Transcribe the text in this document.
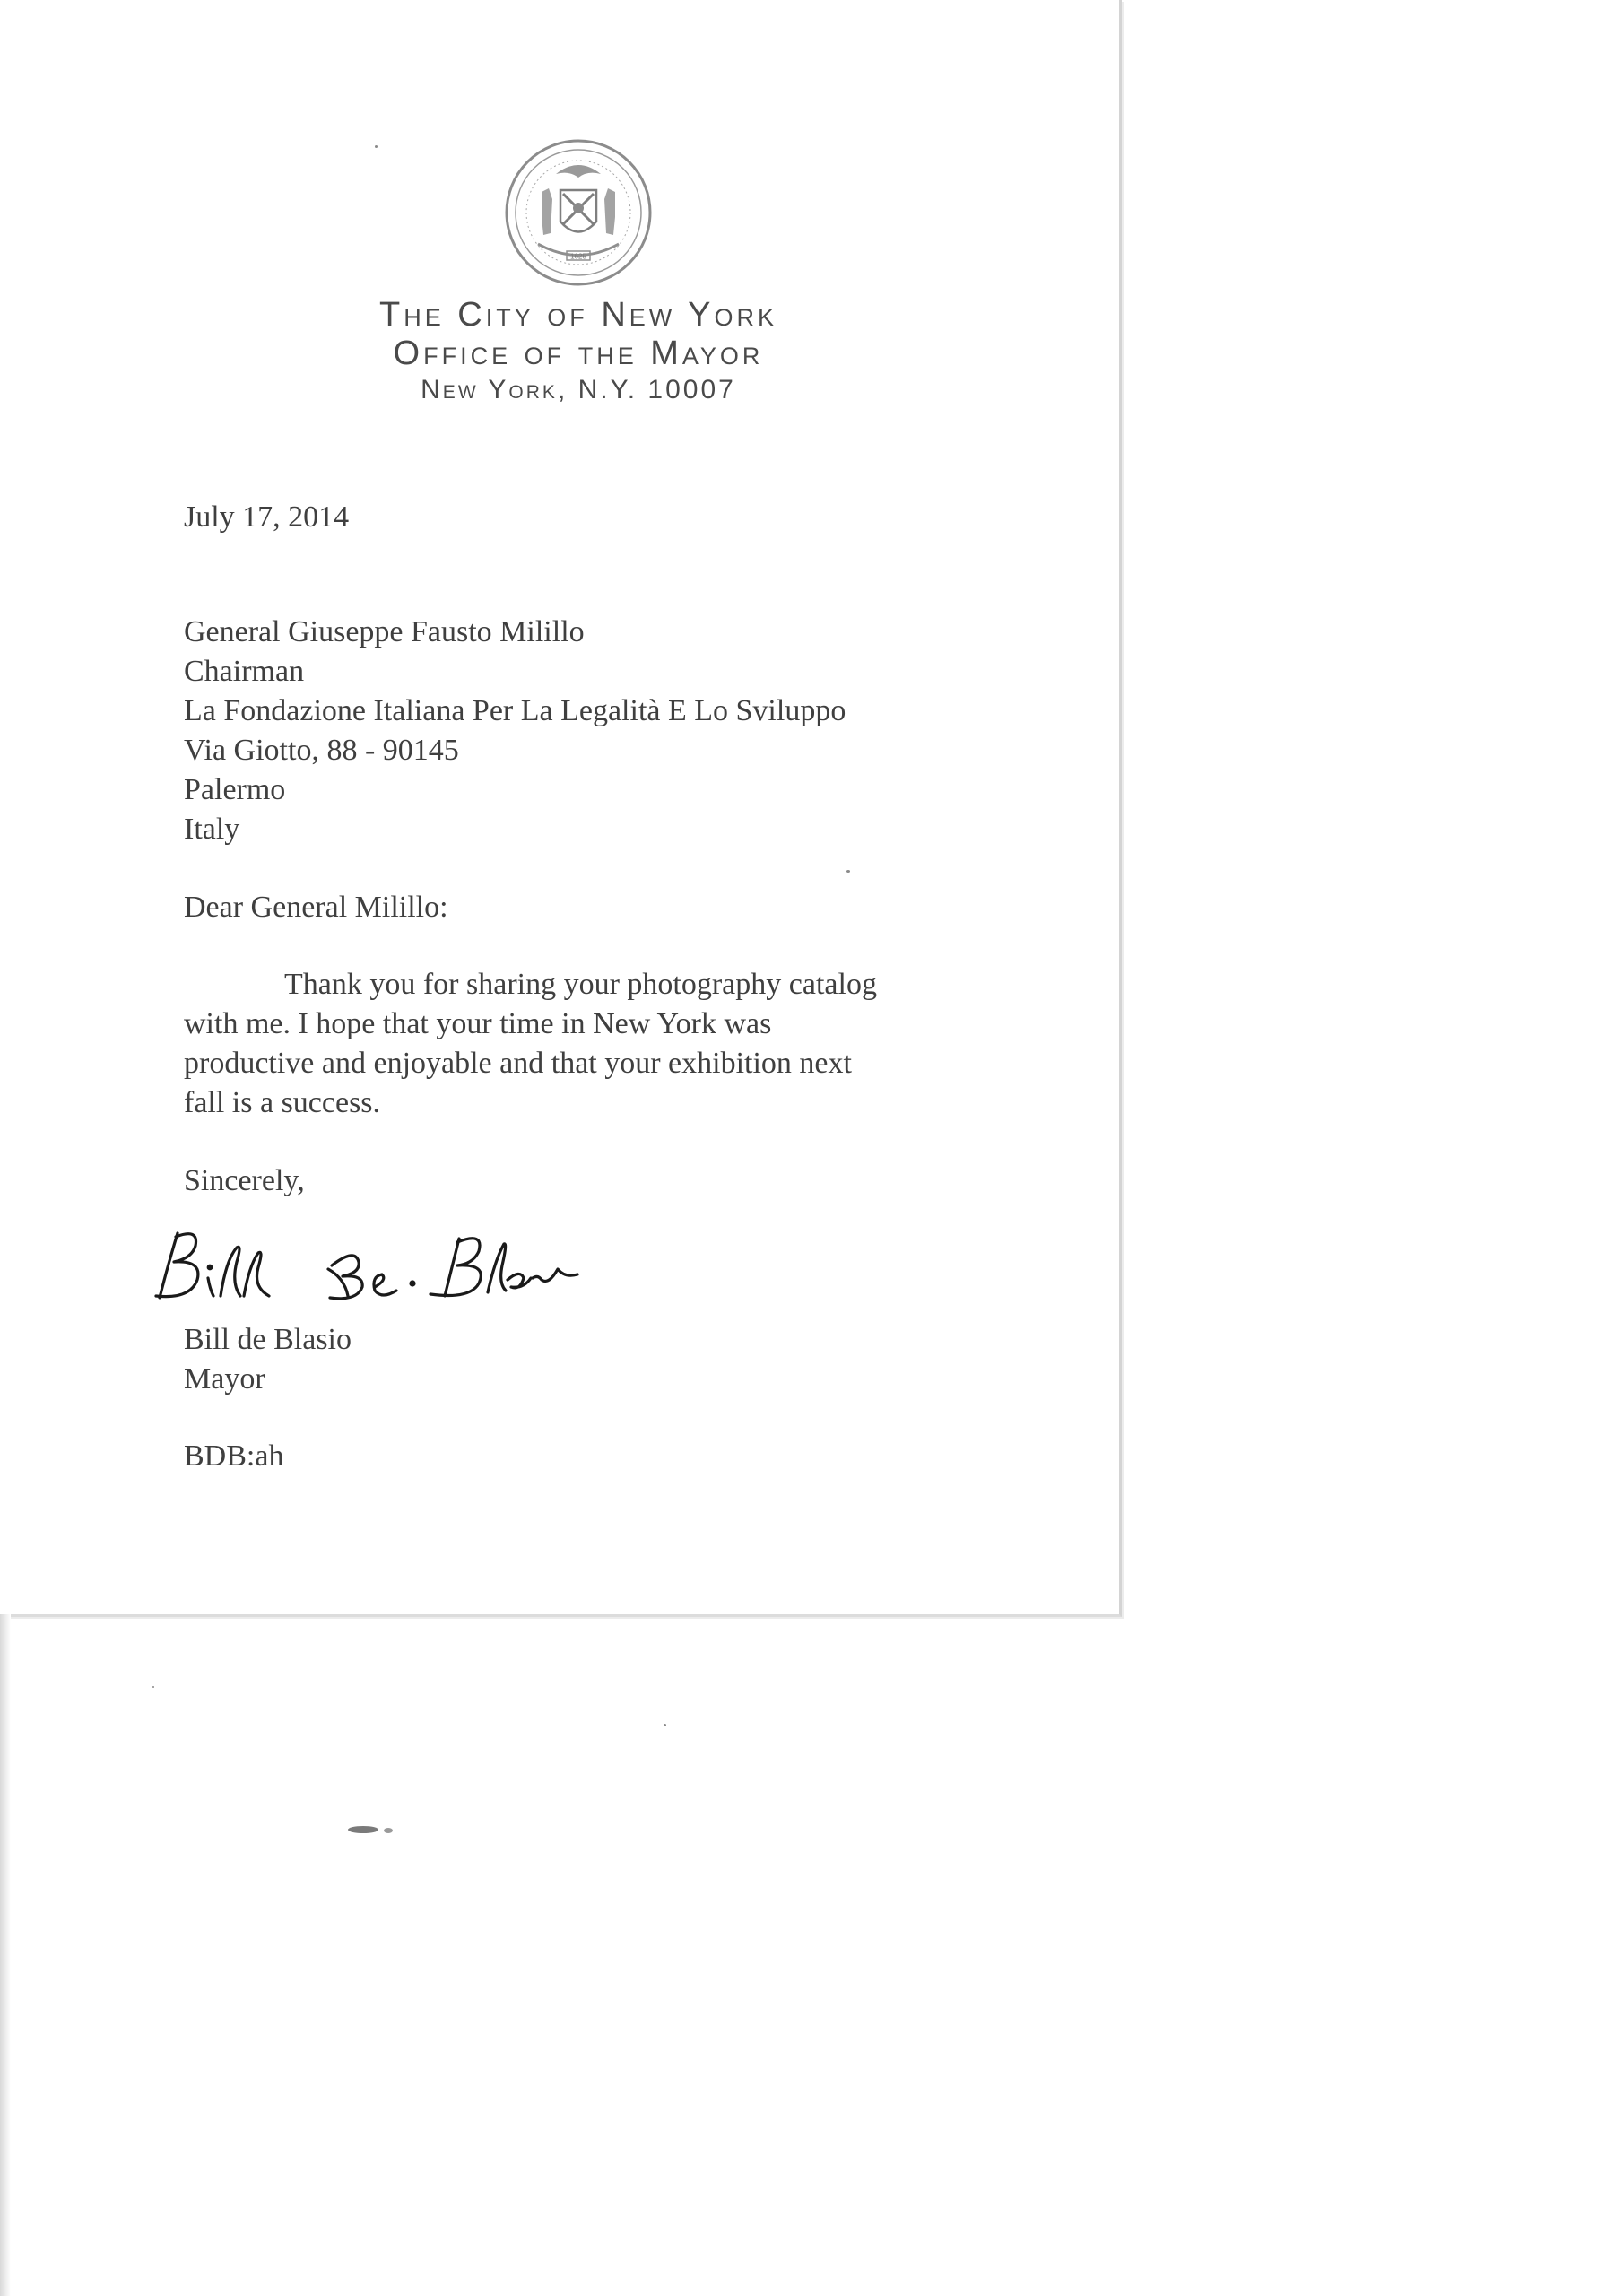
1625
The City of New York
Office of the Mayor
New York, N.Y. 10007
July 17, 2014
General Giuseppe Fausto Milillo
Chairman
La Fondazione Italiana Per La Legalità E Lo Sviluppo
Via Giotto, 88 - 90145
Palermo
Italy
Dear General Milillo:
Thank you for sharing your photography catalog
with me. I hope that your time in New York was
productive and enjoyable and that your exhibition next
fall is a success.
Sincerely,
Bill de Blasio
Mayor
BDB:ah
